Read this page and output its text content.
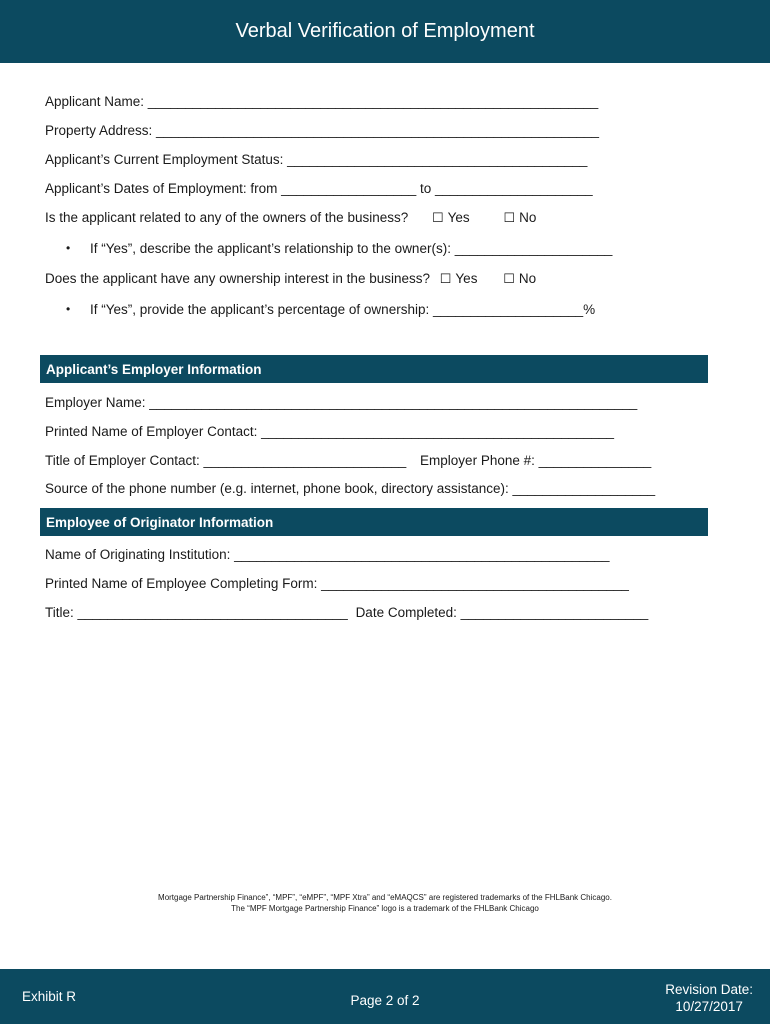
Verbal Verification of Employment
Applicant Name: ____________________________________________________________
Property Address: ___________________________________________________________
Applicant’s Current Employment Status: ________________________________________
Applicant’s Dates of Employment: from __________________ to _____________________
Is the applicant related to any of the owners of the business? ☐ Yes	☐ No
• If “Yes”, describe the applicant’s relationship to the owner(s): _____________________
Does the applicant have any ownership interest in the business? ☐ Yes ☐ No
• If “Yes”, provide the applicant’s percentage of ownership: ____________________%
Applicant’s Employer Information
Employer Name: _________________________________________________________________
Printed Name of Employer Contact: _______________________________________________
Title of Employer Contact: ___________________________ Employer Phone #: _______________
Source of the phone number (e.g. internet, phone book, directory assistance): ___________________
Employee of Originator Information
Name of Originating Institution: __________________________________________________
Printed Name of Employee Completing Form: _________________________________________
Title: ____________________________________ Date Completed: _________________________
Mortgage Partnership Finance”, “MPF”, “eMPF”, “MPF Xtra” and “eMAQCS” are registered trademarks of the FHLBank Chicago.
The “MPF Mortgage Partnership Finance” logo is a trademark of the FHLBank Chicago
Exhibit R	Page 2 of 2
Revision Date:
10/27/2017
